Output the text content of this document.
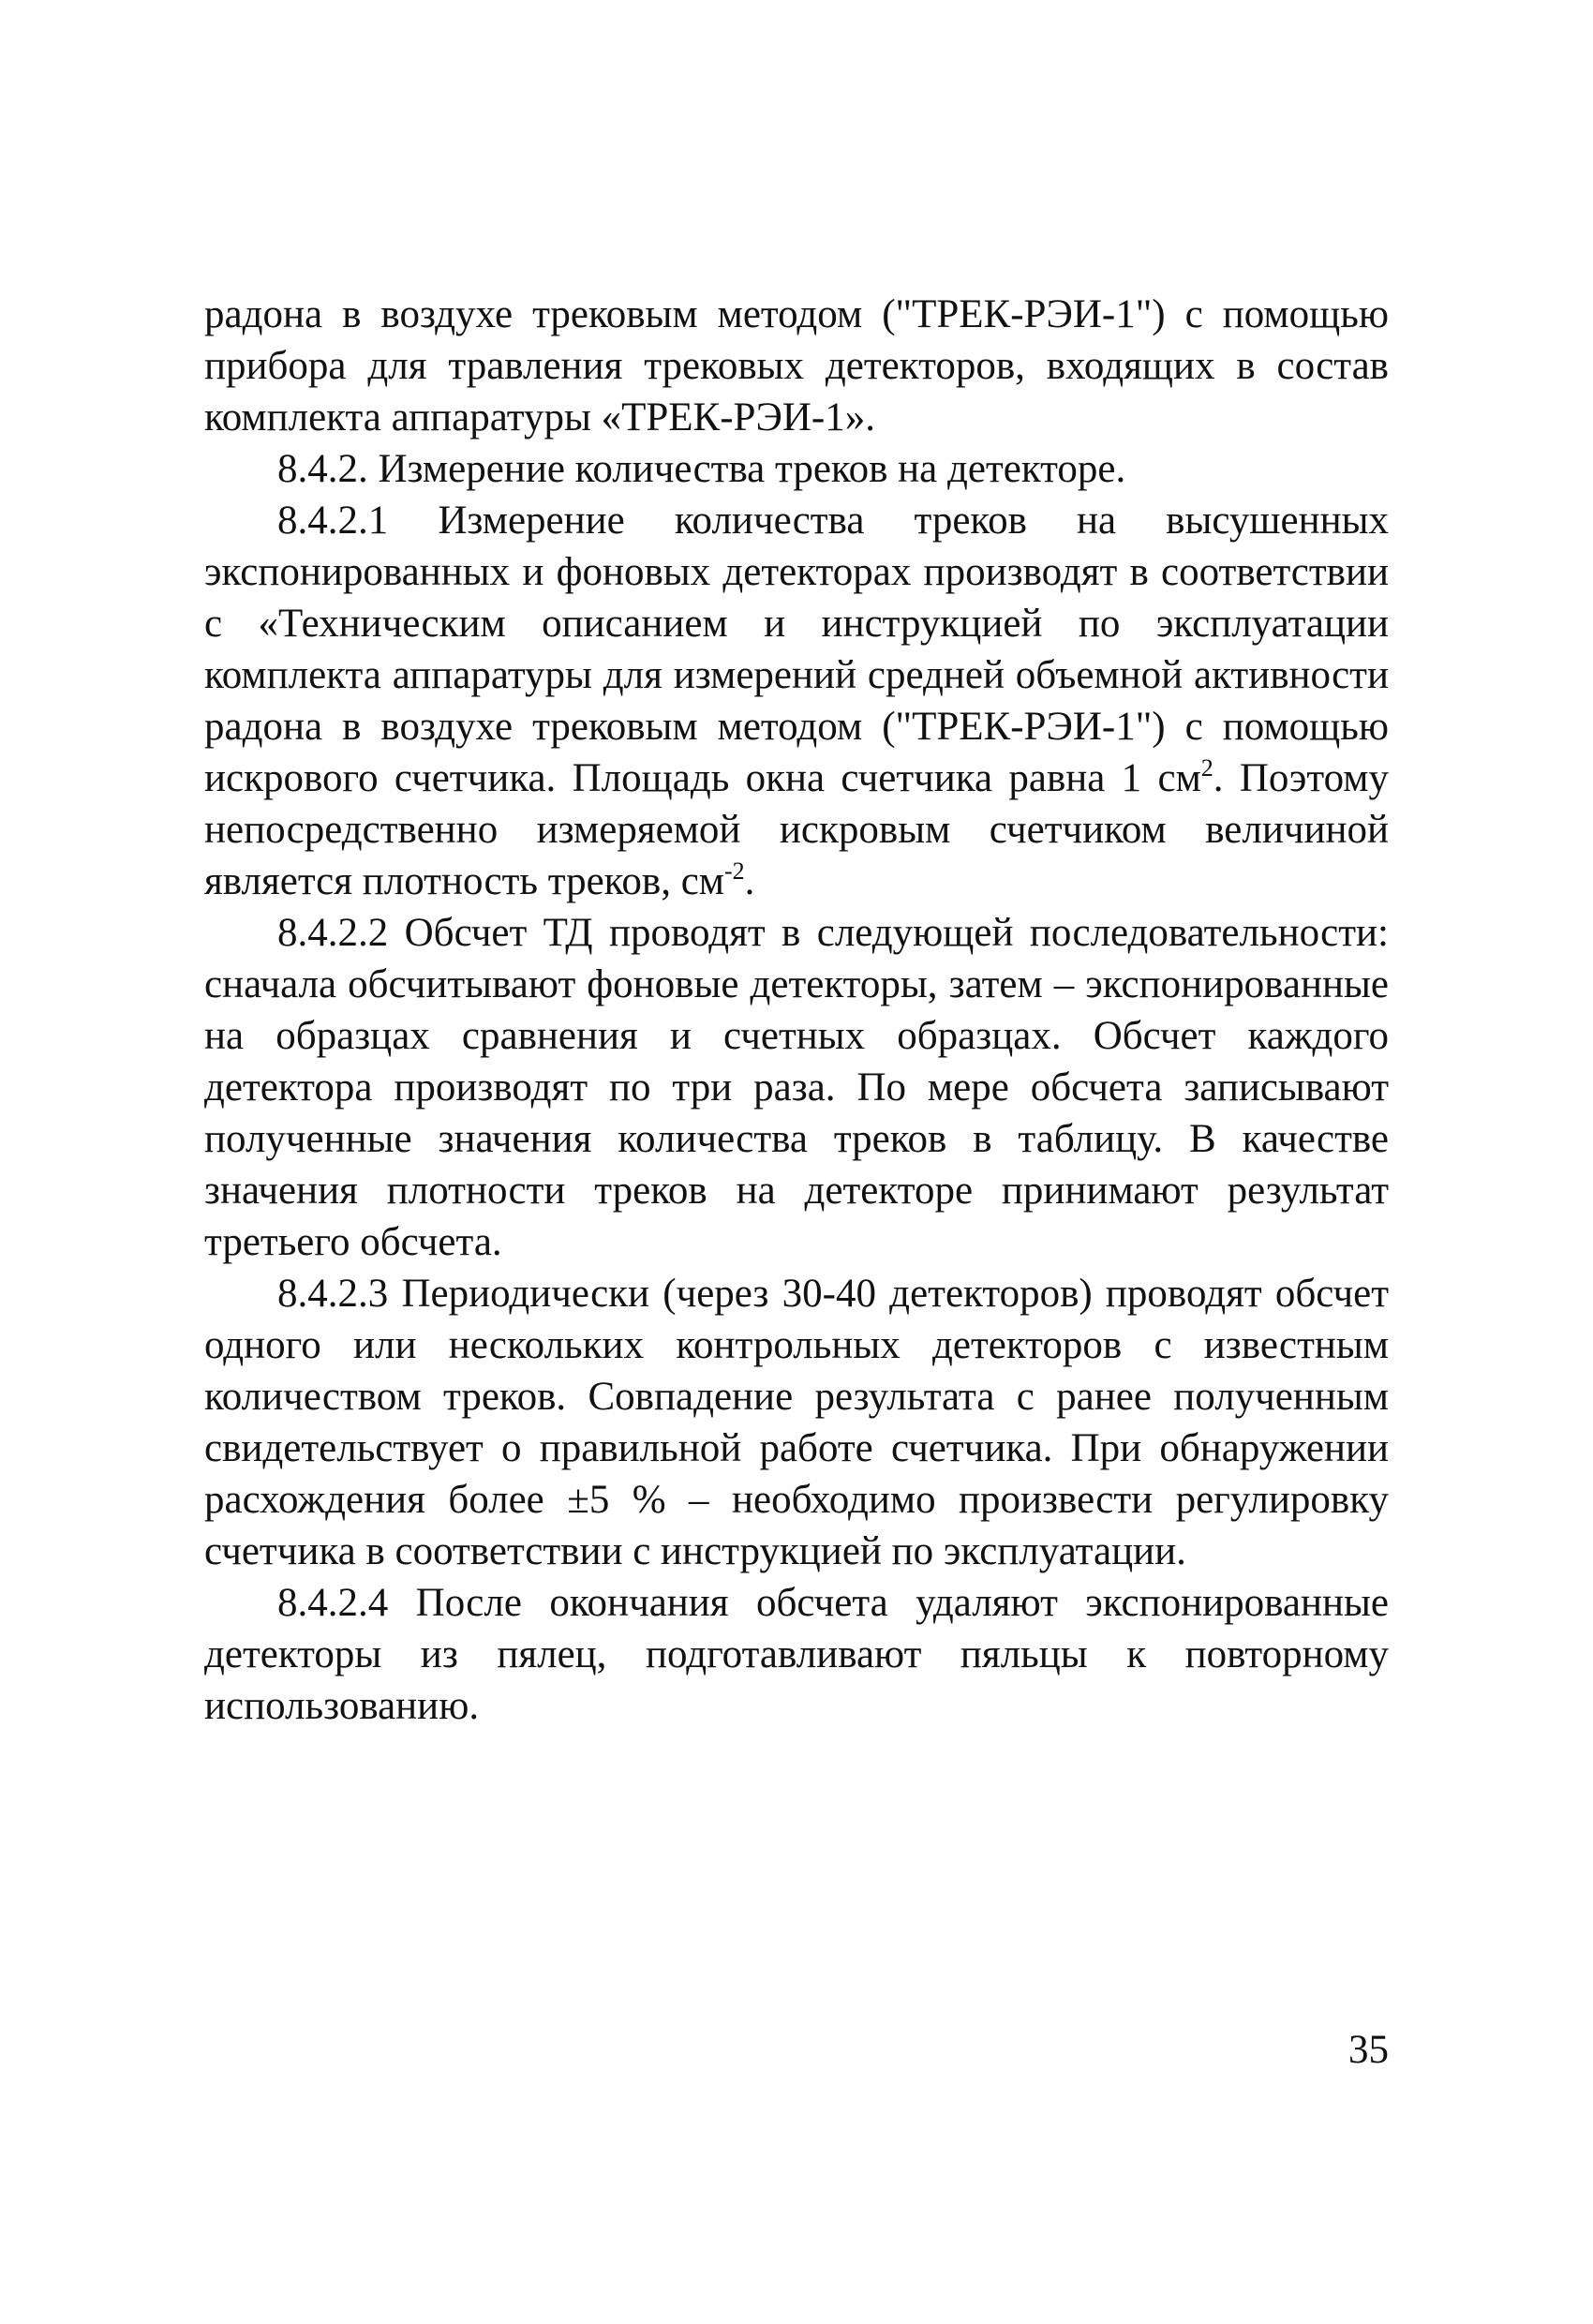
радона в воздухе трековым методом ("ТРЕК-РЭИ-1") с помощью прибора для травления трековых детекторов, входящих в состав комплекта аппаратуры «ТРЕК-РЭИ-1».

8.4.2. Измерение количества треков на детекторе.

8.4.2.1 Измерение количества треков на высушенных экспонированных и фоновых детекторах производят в соответствии с «Техническим описанием и инструкцией по эксплуатации комплекта аппаратуры для измерений средней объемной активности радона в воздухе трековым методом ("ТРЕК-РЭИ-1") с помощью искрового счетчика. Площадь окна счетчика равна 1 $см^2$. Поэтому непосредственно измеряемой искровым счетчиком величиной является плотность треков, $см^{-2}$.

8.4.2.2 Обсчет ТД проводят в следующей последовательности: сначала обсчитывают фоновые детекторы, затем – экспонированные на образцах сравнения и счетных образцах. Обсчет каждого детектора производят по три раза. По мере обсчета записывают полученные значения количества треков в таблицу. В качестве значения плотности треков на детекторе принимают результат третьего обсчета.

8.4.2.3 Периодически (через 30-40 детекторов) проводят обсчет одного или нескольких контрольных детекторов с известным количеством треков. Совпадение результата с ранее полученным свидетельствует о правильной работе счетчика. При обнаружении расхождения более ±5 % – необходимо произвести регулировку счетчика в соответствии с инструкцией по эксплуатации.

8.4.2.4 После окончания обсчета удаляют экспонированные детекторы из пялец, подготавливают пяльцы к повторному использованию.

35
